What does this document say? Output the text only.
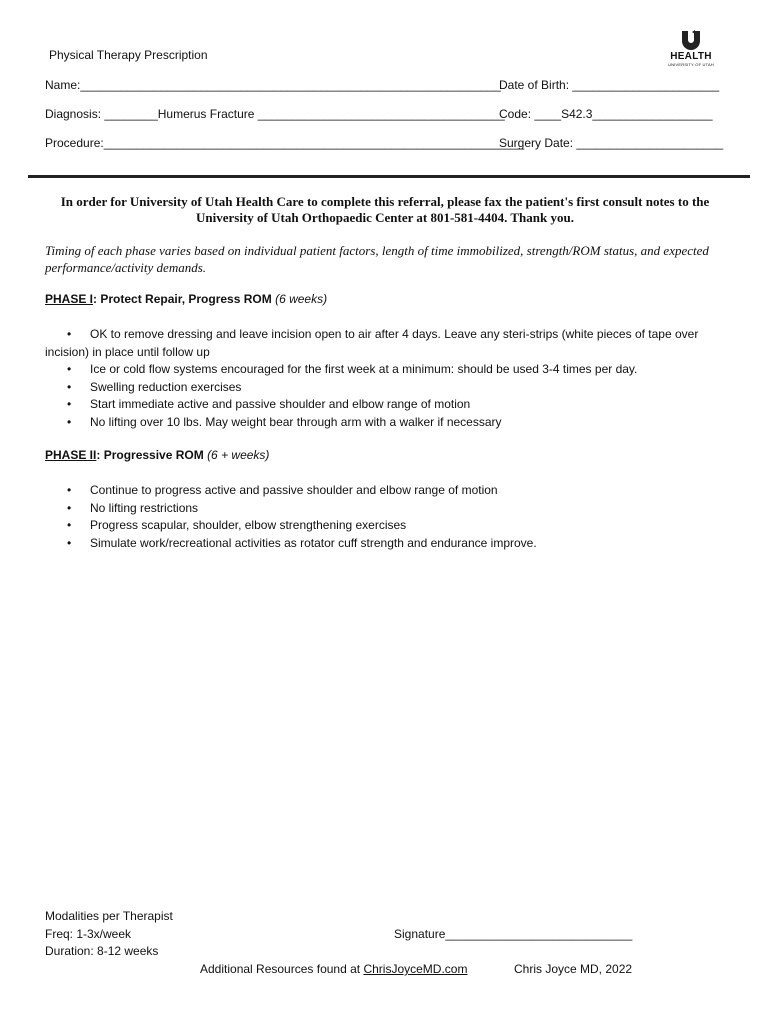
Physical Therapy Prescription	HEALTH
UNIVERSITY OF UTAH
Name:_______________________________________________________________
Date of Birth: ______________________
Diagnosis: ________Humerus Fracture _____________________________________
Code: ____S42.3__________________
Procedure:_______________________________________________________________
Surgery Date: ______________________
In order for University of Utah Health Care to complete this referral, please fax the patient's first consult notes to the University of Utah Orthopaedic Center at 801-581-4404. Thank you.
Timing of each phase varies based on individual patient factors, length of time immobilized, strength/ROM status, and expected performance/activity demands.
PHASE I: Protect Repair, Progress ROM (6 weeks)
• OK to remove dressing and leave incision open to air after 4 days. Leave any steri-strips (white pieces of tape over incision) in place until follow up
• Ice or cold flow systems encouraged for the first week at a minimum: should be used 3-4 times per day.
• Swelling reduction exercises
• Start immediate active and passive shoulder and elbow range of motion
• No lifting over 10 lbs. May weight bear through arm with a walker if necessary
PHASE II: Progressive ROM (6 + weeks)
• Continue to progress active and passive shoulder and elbow range of motion
• No lifting restrictions
• Progress scapular, shoulder, elbow strengthening exercises
• Simulate work/recreational activities as rotator cuff strength and endurance improve.
Modalities per Therapist
Freq: 1-3x/week
Duration: 8-12 weeks
Signature____________________________
Additional Resources found at ChrisJoyceMD.com	Chris Joyce MD, 2022
